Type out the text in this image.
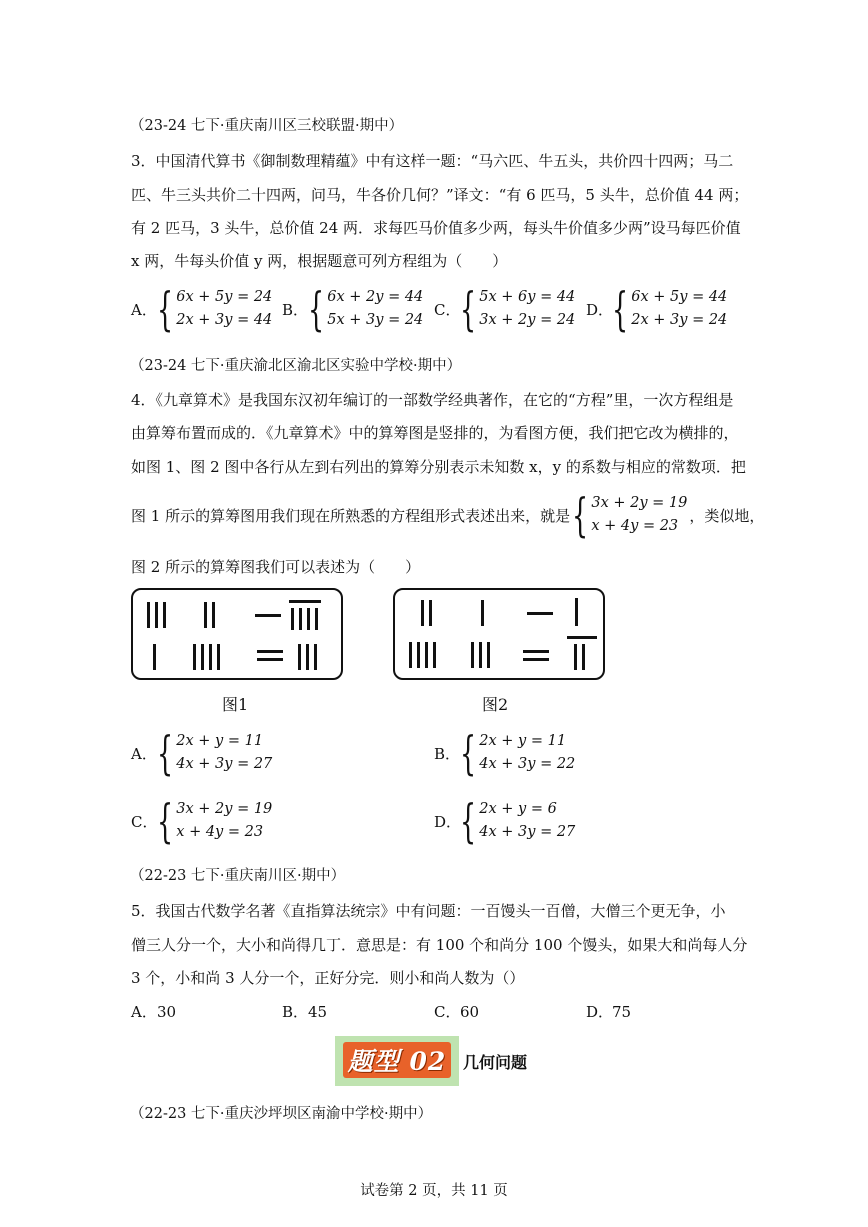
（23-24 七下·重庆南川区三校联盟·期中）
3．中国清代算书《御制数理精蕴》中有这样一题：“马六匹、牛五头，共价四十四两；马二
匹、牛三头共价二十四两，问马，牛各价几何？”译文：“有 6 匹马，5 头牛，总价值 44 两；
有 2 匹马，3 头牛，总价值 24 两．求每匹马价值多少两，每头牛价值多少两”设马每匹价值
x 两，牛每头价值 y 两，根据题意可列方程组为（　　）
A． { 6x + 5y = 24
2x + 3y = 44
B． { 6x + 2y = 44
5x + 3y = 24
C． { 5x + 6y = 44
3x + 2y = 24
D．
{ 6x + 5y = 44
2x + 3y = 24
（23-24 七下·重庆渝北区渝北区实验中学校·期中）
4．《九章算术》是我国东汉初年编订的一部数学经典著作，在它的“方程”里，一次方程组是
由算筹布置而成的．《九章算术》中的算筹图是竖排的，为看图方便，我们把它改为横排的，
如图 1、图 2 图中各行从左到右列出的算筹分别表示未知数 x，y 的系数与相应的常数项．把
图 1 所示的算筹图用我们现在所熟悉的方程组形式表述出来，就是 { 3x + 2y = 19
x + 4y = 23
，类似地，
图 2 所示的算筹图我们可以表述为（　　）
图1	图2
A． { 2x + y = 11
4x + 3y = 27
B． { 2x + y = 11
4x + 3y = 22
C． { 3x + 2y = 19
x + 4y = 23
D．
{ 2x + y = 6
4x + 3y = 27
（22-23 七下·重庆南川区·期中）
5．我国古代数学名著《直指算法统宗》中有问题：一百馒头一百僧，大僧三个更无争，小
僧三人分一个，大小和尚得几丁．意思是：有 100 个和尚分 100 个馒头，如果大和尚每人分
3 个，小和尚 3 人分一个，正好分完．则小和尚人数为（）
A． 30	B． 45	C． 60	D．
75
题型 02 几何问题
（22-23 七下·重庆沙坪坝区南渝中学校·期中）
试卷第 2 页，共 11 页
